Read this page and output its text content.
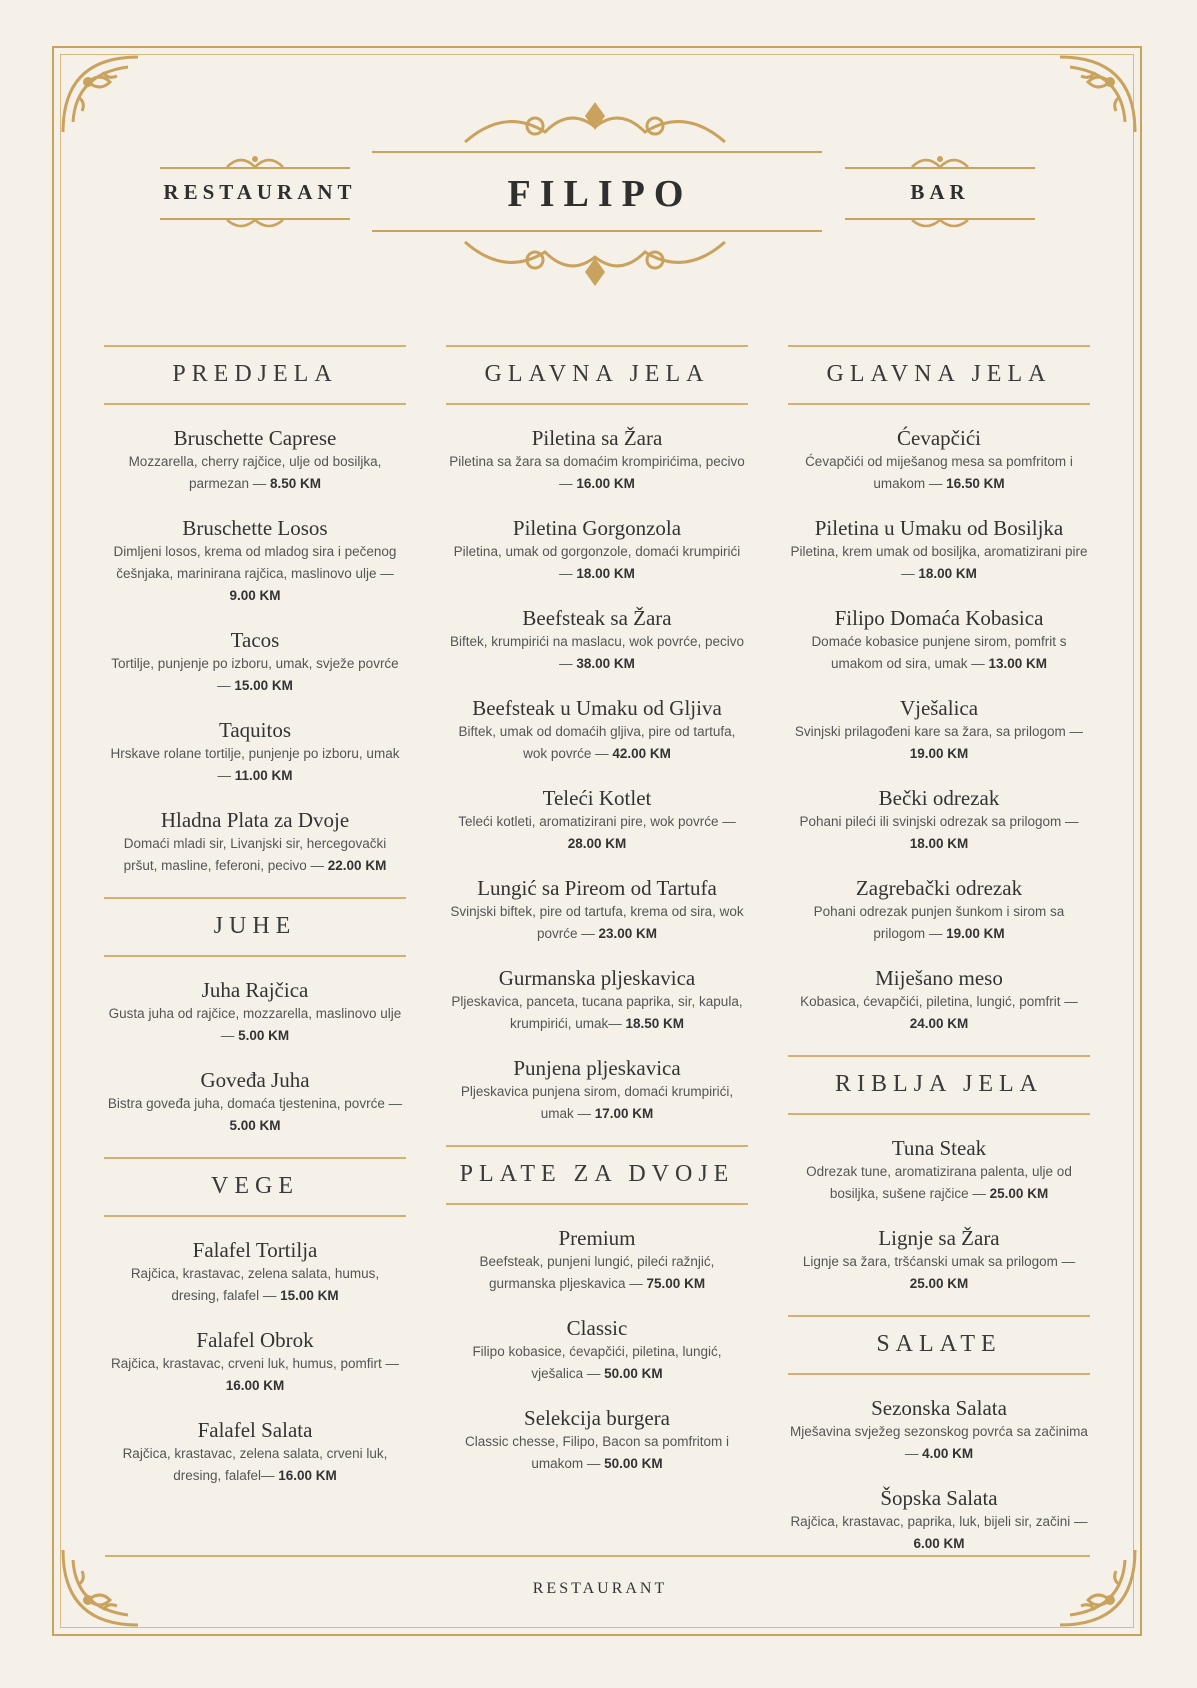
RESTAURANT	FILIPO	BAR
PREDJELA
Bruschette Caprese
Mozzarella, cherry rajčice, ulje od bosiljka, parmezan — 8.50 KM
Bruschette Losos
Dimljeni losos, krema od mladog sira i pečenog češnjaka, marinirana rajčica, maslinovo ulje — 9.00 KM
Tacos
Tortilje, punjenje po izboru, umak, svježe povrće — 15.00 KM
Taquitos
Hrskave rolane tortilje, punjenje po izboru, umak — 11.00 KM
Hladna Plata za Dvoje
Domaći mladi sir, Livanjski sir, hercegovački pršut, masline, feferoni, pecivo — 22.00 KM
JUHE
Juha Rajčica
Gusta juha od rajčice, mozzarella, maslinovo ulje — 5.00 KM
Goveđa Juha
Bistra goveđa juha, domaća tjestenina, povrće — 5.00 KM
VEGE
Falafel Tortilja
Rajčica, krastavac, zelena salata, humus, dresing, falafel — 15.00 KM
Falafel Obrok
Rajčica, krastavac, crveni luk, humus, pomfirt — 16.00 KM
Falafel Salata
Rajčica, krastavac, zelena salata, crveni luk, dresing, falafel— 16.00 KM
GLAVNA JELA
Piletina sa Žara
Piletina sa žara sa domaćim krompirićima, pecivo — 16.00 KM
Piletina Gorgonzola
Piletina, umak od gorgonzole, domaći krumpirići — 18.00 KM
Beefsteak sa Žara
Biftek, krumpirići na maslacu, wok povrće, pecivo — 38.00 KM
Beefsteak u Umaku od Gljiva
Biftek, umak od domaćih gljiva, pire od tartufa, wok povrće — 42.00 KM
Teleći Kotlet
Teleći kotleti, aromatizirani pire, wok povrće — 28.00 KM
Lungić sa Pireom od Tartufa
Svinjski biftek, pire od tartufa, krema od sira, wok povrće — 23.00 KM
Gurmanska pljeskavica
Pljeskavica, panceta, tucana paprika, sir, kapula, krumpirići, umak— 18.50 KM
Punjena pljeskavica
Pljeskavica punjena sirom, domaći krumpirići, umak — 17.00 KM
PLATE ZA DVOJE
Premium
Beefsteak, punjeni lungić, pileći ražnjić, gurmanska pljeskavica — 75.00 KM
Classic
Filipo kobasice, ćevapčići, piletina, lungić, vješalica — 50.00 KM
Selekcija burgera
Classic chesse, Filipo, Bacon sa pomfritom i umakom — 50.00 KM
GLAVNA JELA
Ćevapčići
Ćevapčići od miješanog mesa sa pomfritom i umakom — 16.50 KM
Piletina u Umaku od Bosiljka
Piletina, krem umak od bosiljka, aromatizirani pire — 18.00 KM
Filipo Domaća Kobasica
Domaće kobasice punjene sirom, pomfrit s umakom od sira, umak — 13.00 KM
Vješalica
Svinjski prilagođeni kare sa žara, sa prilogom — 19.00 KM
Bečki odrezak
Pohani pileći ili svinjski odrezak sa prilogom — 18.00 KM
Zagrebački odrezak
Pohani odrezak punjen šunkom i sirom sa prilogom — 19.00 KM
Miješano meso
Kobasica, ćevapčići, piletina, lungić, pomfrit — 24.00 KM
RIBLJA JELA
Tuna Steak
Odrezak tune, aromatizirana palenta, ulje od bosiljka, sušene rajčice — 25.00 KM
Lignje sa Žara
Lignje sa žara, tršćanski umak sa prilogom — 25.00 KM
SALATE
Sezonska Salata
Mješavina svježeg sezonskog povrća sa začinima — 4.00 KM
Šopska Salata
Rajčica, krastavac, paprika, luk, bijeli sir, začini — 6.00 KM
RESTAURANT
